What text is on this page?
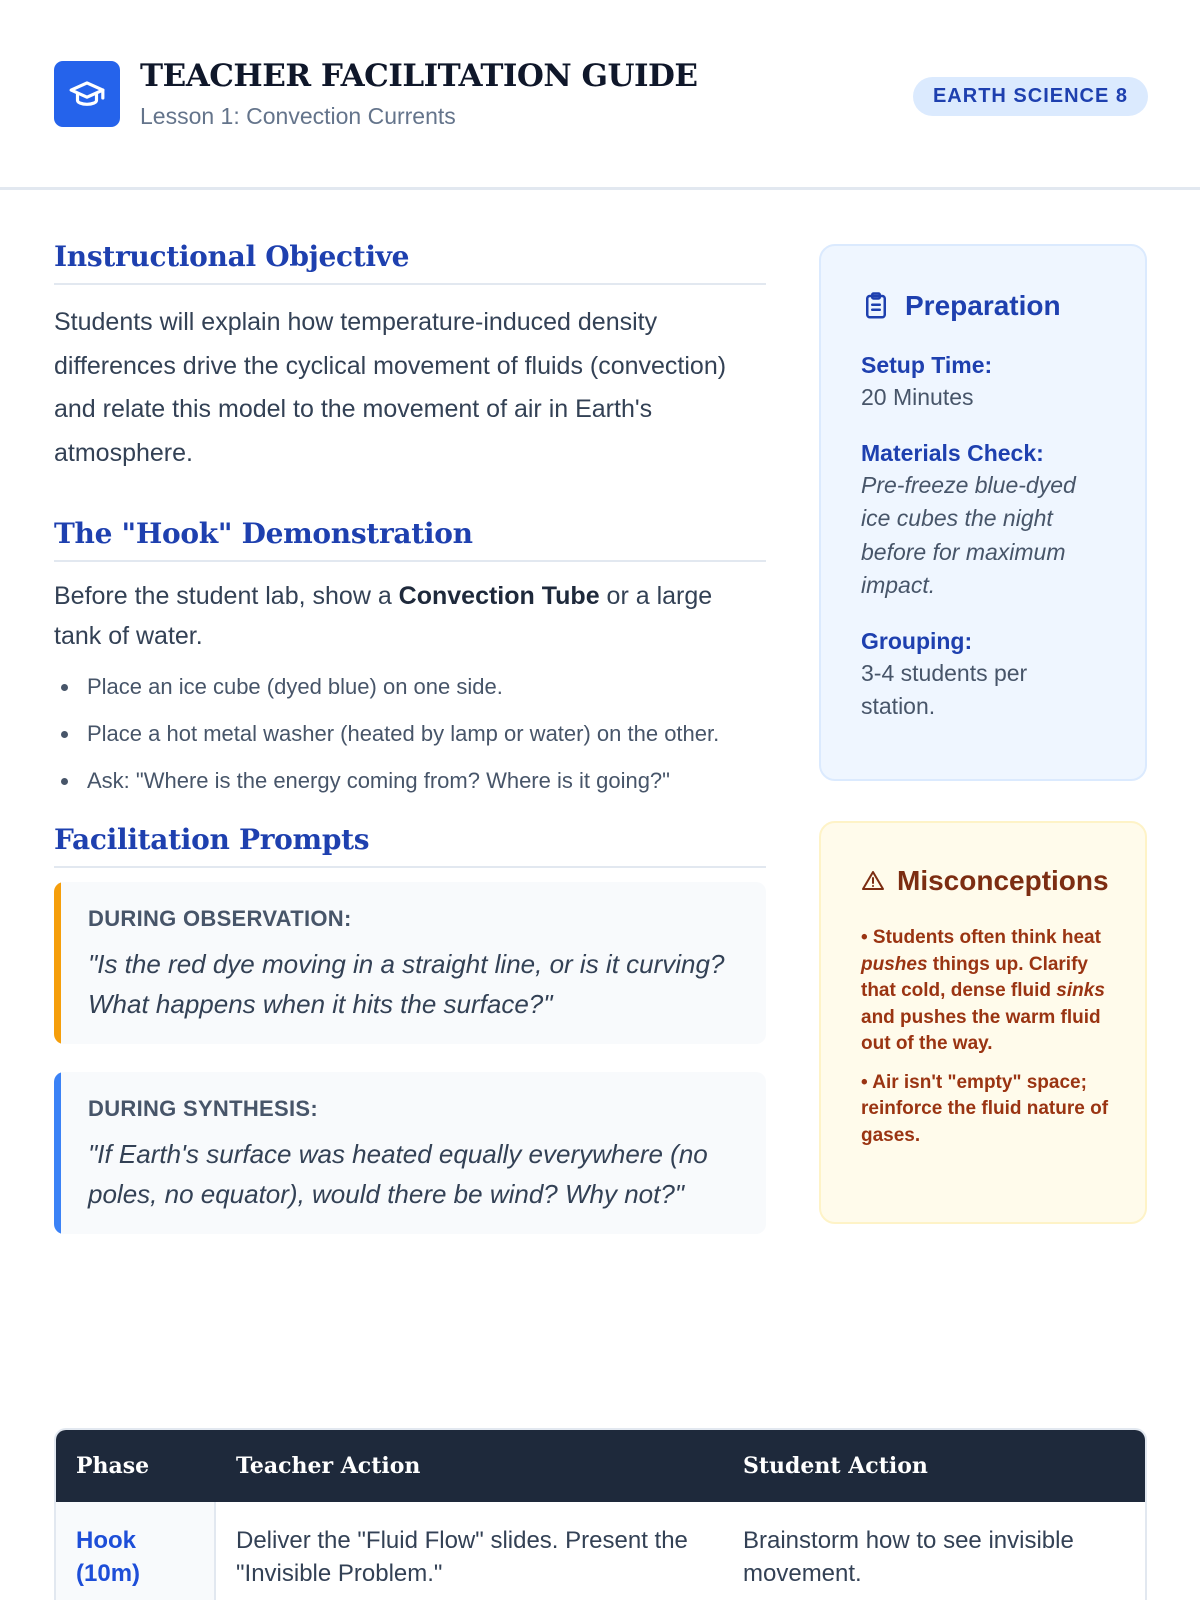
TEACHER FACILITATION GUIDE
Lesson 1: Convection Currents
EARTH SCIENCE 8
Instructional Objective

Students will explain how temperature-induced density differences drive the cyclical movement of fluids (convection) and relate this model to the movement of air in Earth's atmosphere.

The "Hook" Demonstration

Before the student lab, show a Convection Tube or a large tank of water.

Place an ice cube (dyed blue) on one side.
Place a hot metal washer (heated by lamp or water) on the other.
Ask: "Where is the energy coming from? Where is it going?"
Facilitation Prompts
DURING OBSERVATION:
"Is the red dye moving in a straight line, or is it curving? What happens when it hits the surface?"
DURING SYNTHESIS:
"If Earth's surface was heated equally everywhere (no poles, no equator), would there be wind? Why not?"
Preparation
Setup Time:
20 Minutes
Materials Check:
Pre-freeze blue-dyed ice cubes the night before for maximum impact.
Grouping:
3-4 students per station.
Misconceptions

• Students often think heat pushes things up. Clarify that cold, dense fluid sinks and pushes the warm fluid out of the way.

• Air isn't "empty" space; reinforce the fluid nature of gases.

Phase	Teacher Action	Student Action
Hook (10m)	Deliver the "Fluid Flow" slides. Present the "Invisible Problem."	Brainstorm how to see invisible movement.
